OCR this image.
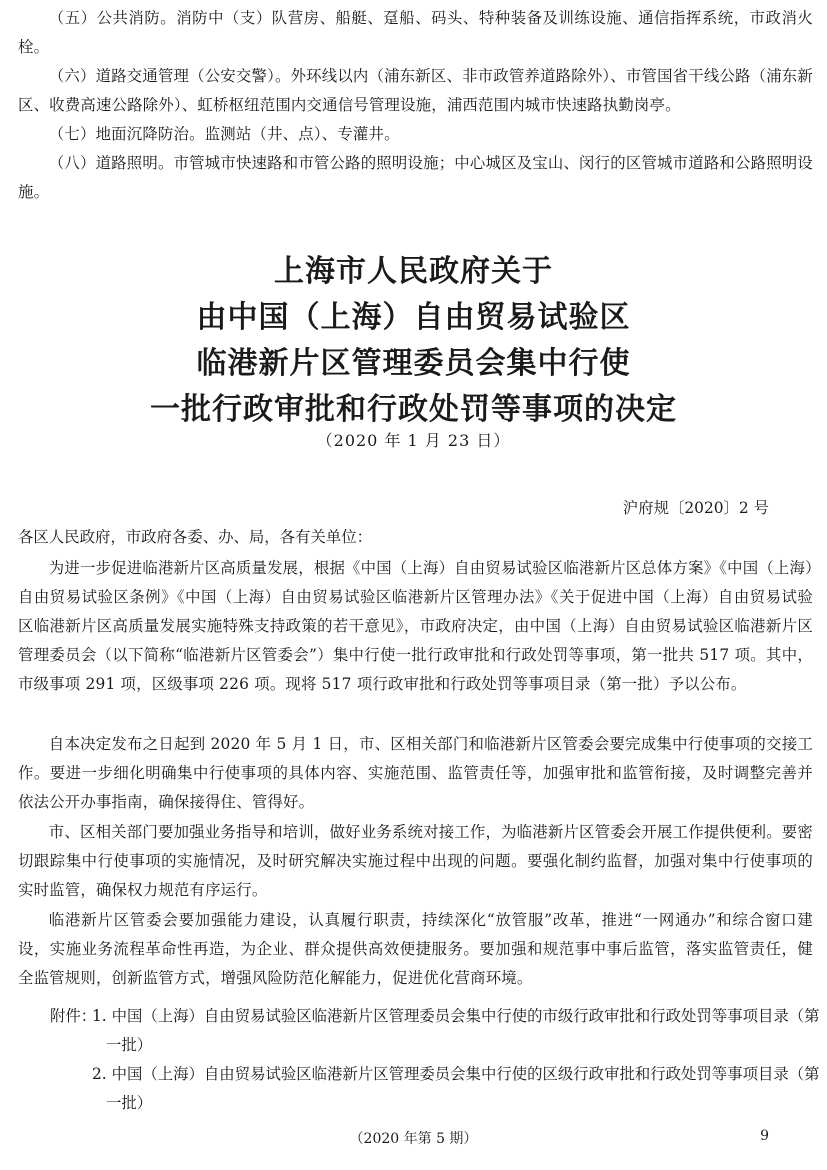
（五）公共消防。消防中（支）队营房、船艇、趸船、码头、特种装备及训练设施、通信指挥系统，市政消火栓。

（六）道路交通管理（公安交警）。外环线以内（浦东新区、非市政管养道路除外）、市管国省干线公路（浦东新区、收费高速公路除外）、虹桥枢纽范围内交通信号管理设施，浦西范围内城市快速路执勤岗亭。

（七）地面沉降防治。监测站（井、点）、专灌井。

（八）道路照明。市管城市快速路和市管公路的照明设施；中心城区及宝山、闵行的区管城市道路和公路照明设施。

上海市人民政府关于
由中国（上海）自由贸易试验区
临港新片区管理委员会集中行使
一批行政审批和行政处罚等事项的决定
（2020 年 1 月 23 日）
沪府规〔2020〕2 号

各区人民政府，市政府各委、办、局，各有关单位：

为进一步促进临港新片区高质量发展，根据《中国（上海）自由贸易试验区临港新片区总体方案》《中国（上海）自由贸易试验区条例》《中国（上海）自由贸易试验区临港新片区管理办法》《关于促进中国（上海）自由贸易试验区临港新片区高质量发展实施特殊支持政策的若干意见》，市政府决定，由中国（上海）自由贸易试验区临港新片区管理委员会（以下简称“临港新片区管委会”）集中行使一批行政审批和行政处罚等事项，第一批共 517 项。其中，市级事项 291 项，区级事项 226 项。现将 517 项行政审批和行政处罚等事项目录（第一批）予以公布。

自本决定发布之日起到 2020 年 5 月 1 日，市、区相关部门和临港新片区管委会要完成集中行使事项的交接工作。要进一步细化明确集中行使事项的具体内容、实施范围、监管责任等，加强审批和监管衔接，及时调整完善并依法公开办事指南，确保接得住、管得好。

市、区相关部门要加强业务指导和培训，做好业务系统对接工作，为临港新片区管委会开展工作提供便利。要密切跟踪集中行使事项的实施情况，及时研究解决实施过程中出现的问题。要强化制约监督，加强对集中行使事项的实时监管，确保权力规范有序运行。

临港新片区管委会要加强能力建设，认真履行职责，持续深化“放管服”改革，推进“一网通办”和综合窗口建设，实施业务流程革命性再造，为企业、群众提供高效便捷服务。要加强和规范事中事后监管，落实监管责任，健全监管规则，创新监管方式，增强风险防范化解能力，促进优化营商环境。

附件：

1. 中国（上海）自由贸易试验区临港新片区管理委员会集中行使的市级行政审批和行政处罚等事项目录（第一批）

2. 中国（上海）自由贸易试验区临港新片区管理委员会集中行使的区级行政审批和行政处罚等事项目录（第一批）

（2020 年第 5 期）	9
